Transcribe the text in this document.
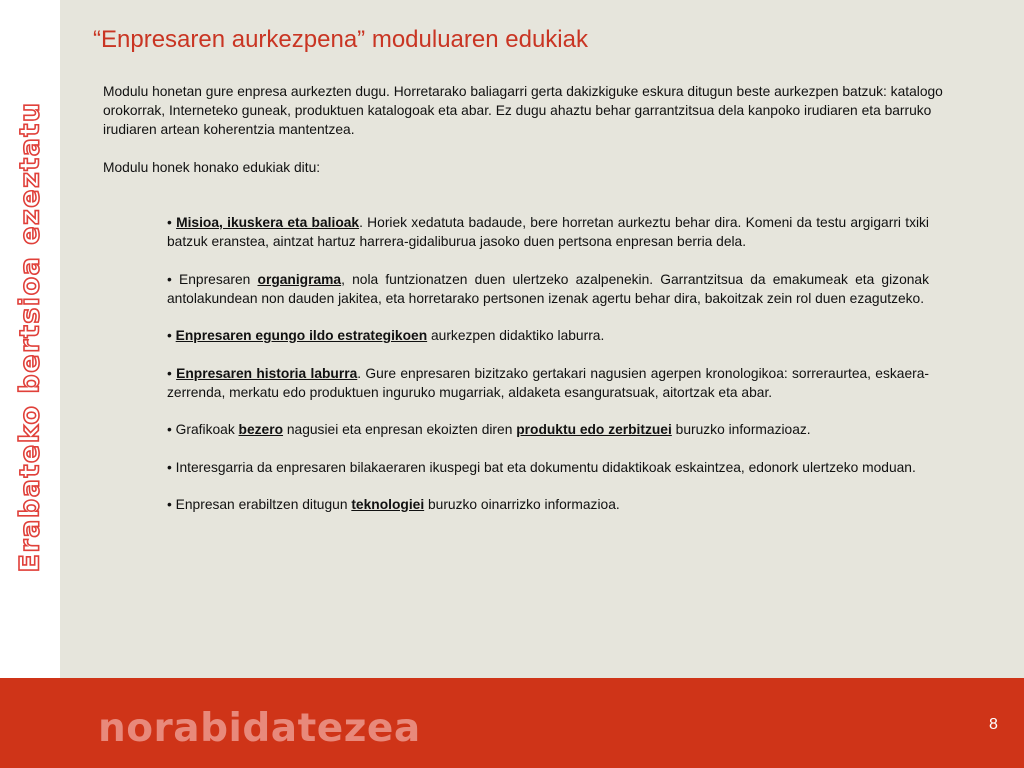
Erabateko bertsioa ezeztatu
“Enpresaren aurkezpena” moduluaren edukiak

Modulu honetan gure enpresa aurkezten dugu. Horretarako baliagarri gerta dakizkiguke eskura ditugun beste aurkezpen batzuk: katalogo orokorrak, Interneteko guneak, produktuen katalogoak eta abar. Ez dugu ahaztu behar garrantzitsua dela kanpoko irudiaren eta barruko irudiaren artean koherentzia mantentzea.

Modulu honek honako edukiak ditu:

• Misioa, ikuskera eta balioak. Horiek xedatuta badaude, bere horretan aurkeztu behar dira. Komeni da testu argigarri txiki batzuk eranstea, aintzat hartuz harrera-gidaliburua jasoko duen pertsona enpresan berria dela.

• Enpresaren organigrama, nola funtzionatzen duen ulertzeko azalpenekin. Garrantzitsua da emakumeak eta gizonak antolakundean non dauden jakitea, eta horretarako pertsonen izenak agertu behar dira, bakoitzak zein rol duen ezagutzeko.

• Enpresaren egungo ildo estrategikoen aurkezpen didaktiko laburra.

• Enpresaren historia laburra. Gure enpresaren bizitzako gertakari nagusien agerpen kronologikoa: sorreraurtea, eskaera-zerrenda, merkatu edo produktuen inguruko mugarriak, aldaketa esanguratsuak, aitortzak eta abar.

• Grafikoak bezero nagusiei eta enpresan ekoizten diren produktu edo zerbitzuei buruzko informazioaz.

• Interesgarria da enpresaren bilakaeraren ikuspegi bat eta dokumentu didaktikoak eskaintzea, edonork ulertzeko moduan.

• Enpresan erabiltzen ditugun teknologiei buruzko oinarrizko informazioa.

norabidatezea	8
